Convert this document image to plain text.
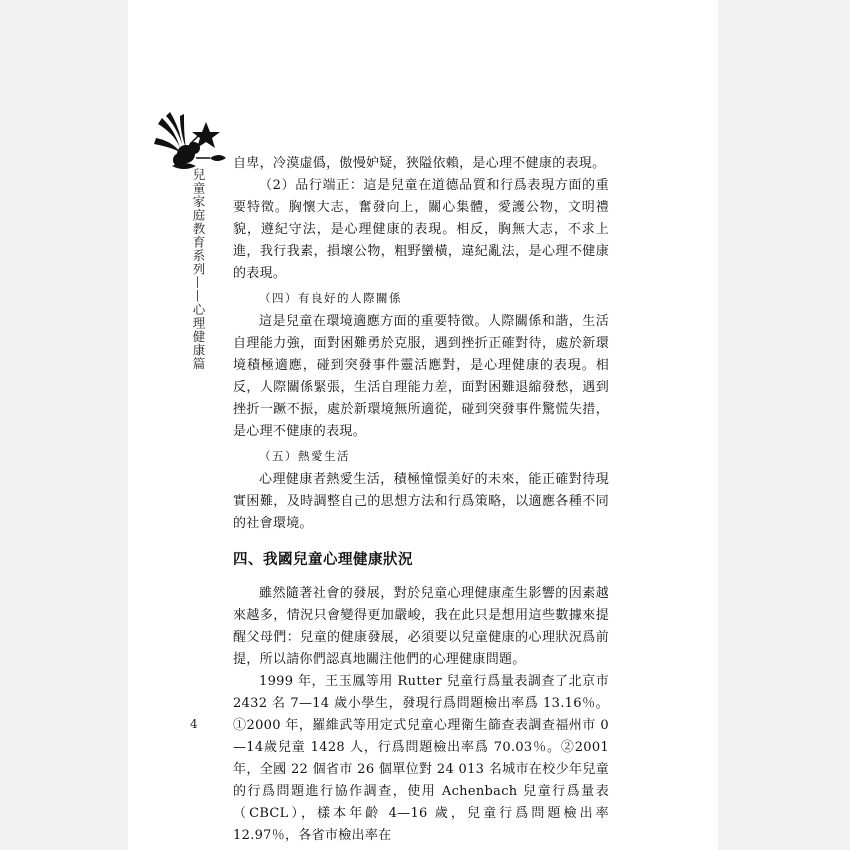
兒童家庭教育系列——心理健康篇
4

自卑，冷漠虛僞，傲慢妒疑，狹隘依賴，是心理不健康的表現。

（2）品行端正：這是兒童在道德品質和行爲表現方面的重要特徵。胸懷大志，奮發向上，關心集體，愛護公物，文明禮貌，遵紀守法，是心理健康的表現。相反，胸無大志，不求上進，我行我素，損壞公物，粗野蠻橫，違紀亂法，是心理不健康的表現。

（四）有良好的人際關係

這是兒童在環境適應方面的重要特徵。人際關係和諧，生活自理能力強，面對困難勇於克服，遇到挫折正確對待，處於新環境積極適應，碰到突發事件靈活應對，是心理健康的表現。相反，人際關係緊張，生活自理能力差，面對困難退縮發愁，遇到挫折一蹶不振，處於新環境無所適從，碰到突發事件驚慌失措，是心理不健康的表現。

（五）熱愛生活

心理健康者熱愛生活，積極憧憬美好的未來，能正確對待現實困難，及時調整自己的思想方法和行爲策略，以適應各種不同的社會環境。

四、我國兒童心理健康狀況

雖然隨著社會的發展，對於兒童心理健康產生影響的因素越來越多，情況只會變得更加嚴峻，我在此只是想用這些數據來提醒父母們：兒童的健康發展，必須要以兒童健康的心理狀況爲前提，所以請你們認真地關注他們的心理健康問題。

1999 年，王玉鳳等用 Rutter 兒童行爲量表調查了北京市 2432 名 7—14 歲小學生，發現行爲問題檢出率爲 13.16％。①2000 年，羅維武等用定式兒童心理衛生篩查表調查福州市 0—14歲兒童 1428 人，行爲問題檢出率爲 70.03％。②2001 年，全國 22 個省市 26 個單位對 24 013 名城市在校少年兒童的行爲問題進行協作調查，使用 Achenbach 兒童行爲量表（CBCL），樣本年齡 4—16 歲，兒童行爲問題檢出率 12.97％，各省市檢出率在
